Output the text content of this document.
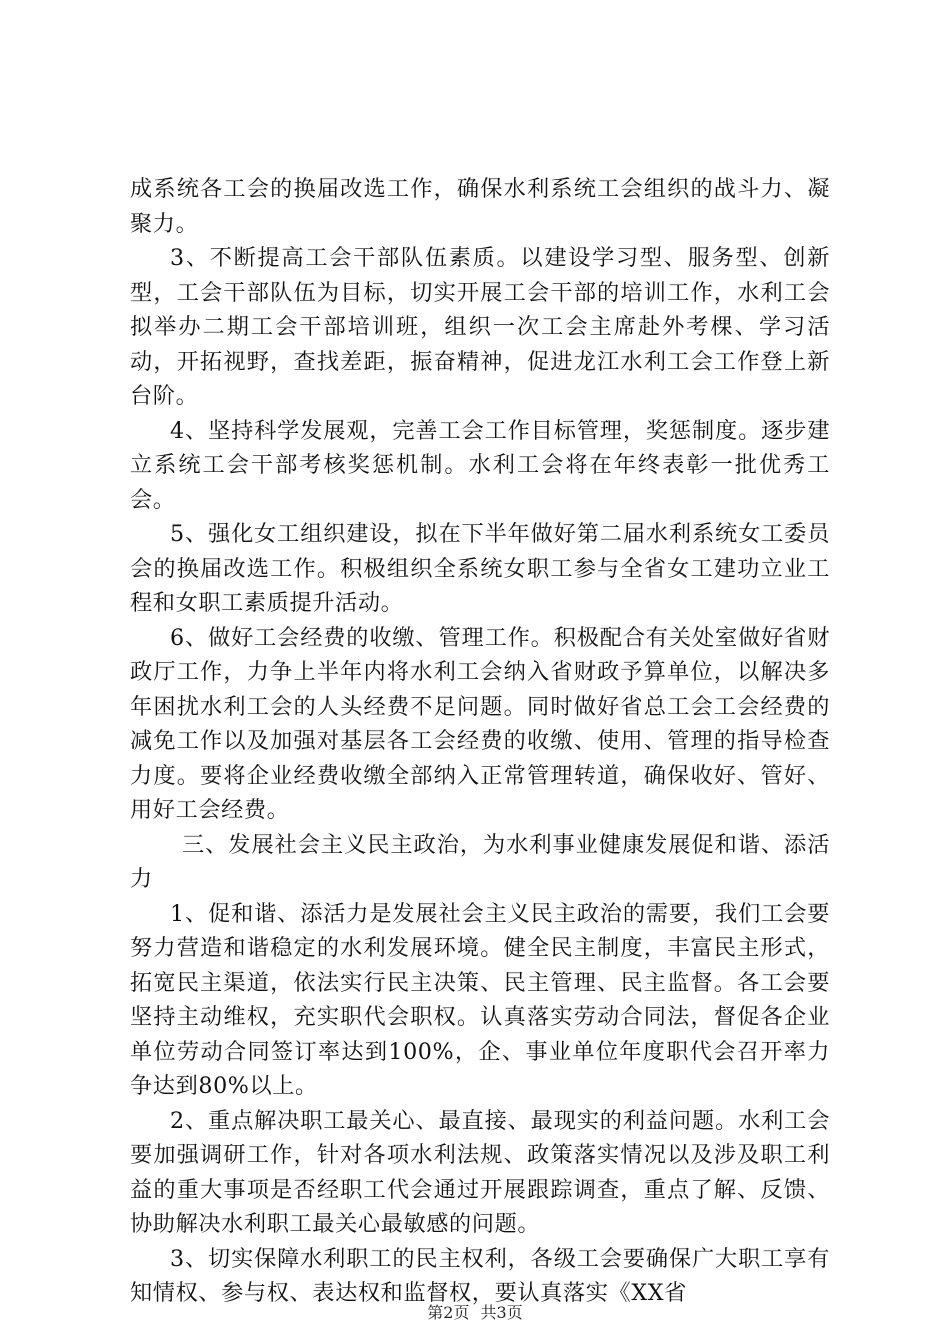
成系统各工会的换届改选工作，确保水利系统工会组织的战斗力、凝聚力。

3、不断提高工会干部队伍素质。以建设学习型、服务型、创新型，工会干部队伍为目标，切实开展工会干部的培训工作，水利工会拟举办二期工会干部培训班，组织一次工会主席赴外考棵、学习活动，开拓视野，查找差距，振奋精神，促进龙江水利工会工作登上新台阶。

4、坚持科学发展观，完善工会工作目标管理，奖惩制度。逐步建立系统工会干部考核奖惩机制。水利工会将在年终表彰一批优秀工会。

5、强化女工组织建设，拟在下半年做好第二届水利系统女工委员会的换届改选工作。积极组织全系统女职工参与全省女工建功立业工程和女职工素质提升活动。

6、做好工会经费的收缴、管理工作。积极配合有关处室做好省财政厅工作，力争上半年内将水利工会纳入省财政予算单位，以解决多年困扰水利工会的人头经费不足问题。同时做好省总工会工会经费的减免工作以及加强对基层各工会经费的收缴、使用、管理的指导检查力度。要将企业经费收缴全部纳入正常管理转道，确保收好、管好、用好工会经费。

三、发展社会主义民主政治，为水利事业健康发展促和谐、添活力

1、促和谐、添活力是发展社会主义民主政治的需要，我们工会要努力营造和谐稳定的水利发展环境。健全民主制度，丰富民主形式，拓宽民主渠道，依法实行民主决策、民主管理、民主监督。各工会要坚持主动维权，充实职代会职权。认真落实劳动合同法，督促各企业单位劳动合同签订率达到100%，企、事业单位年度职代会召开率力争达到80%以上。

2、重点解决职工最关心、最直接、最现实的利益问题。水利工会要加强调研工作，针对各项水利法规、政策落实情况以及涉及职工利益的重大事项是否经职工代会通过开展跟踪调查，重点了解、反馈、协助解决水利职工最关心最敏感的问题。

3、切实保障水利职工的民主权利，各级工会要确保广大职工享有知情权、参与权、表达权和监督权，要认真落实《XX省

第2页 共3页
